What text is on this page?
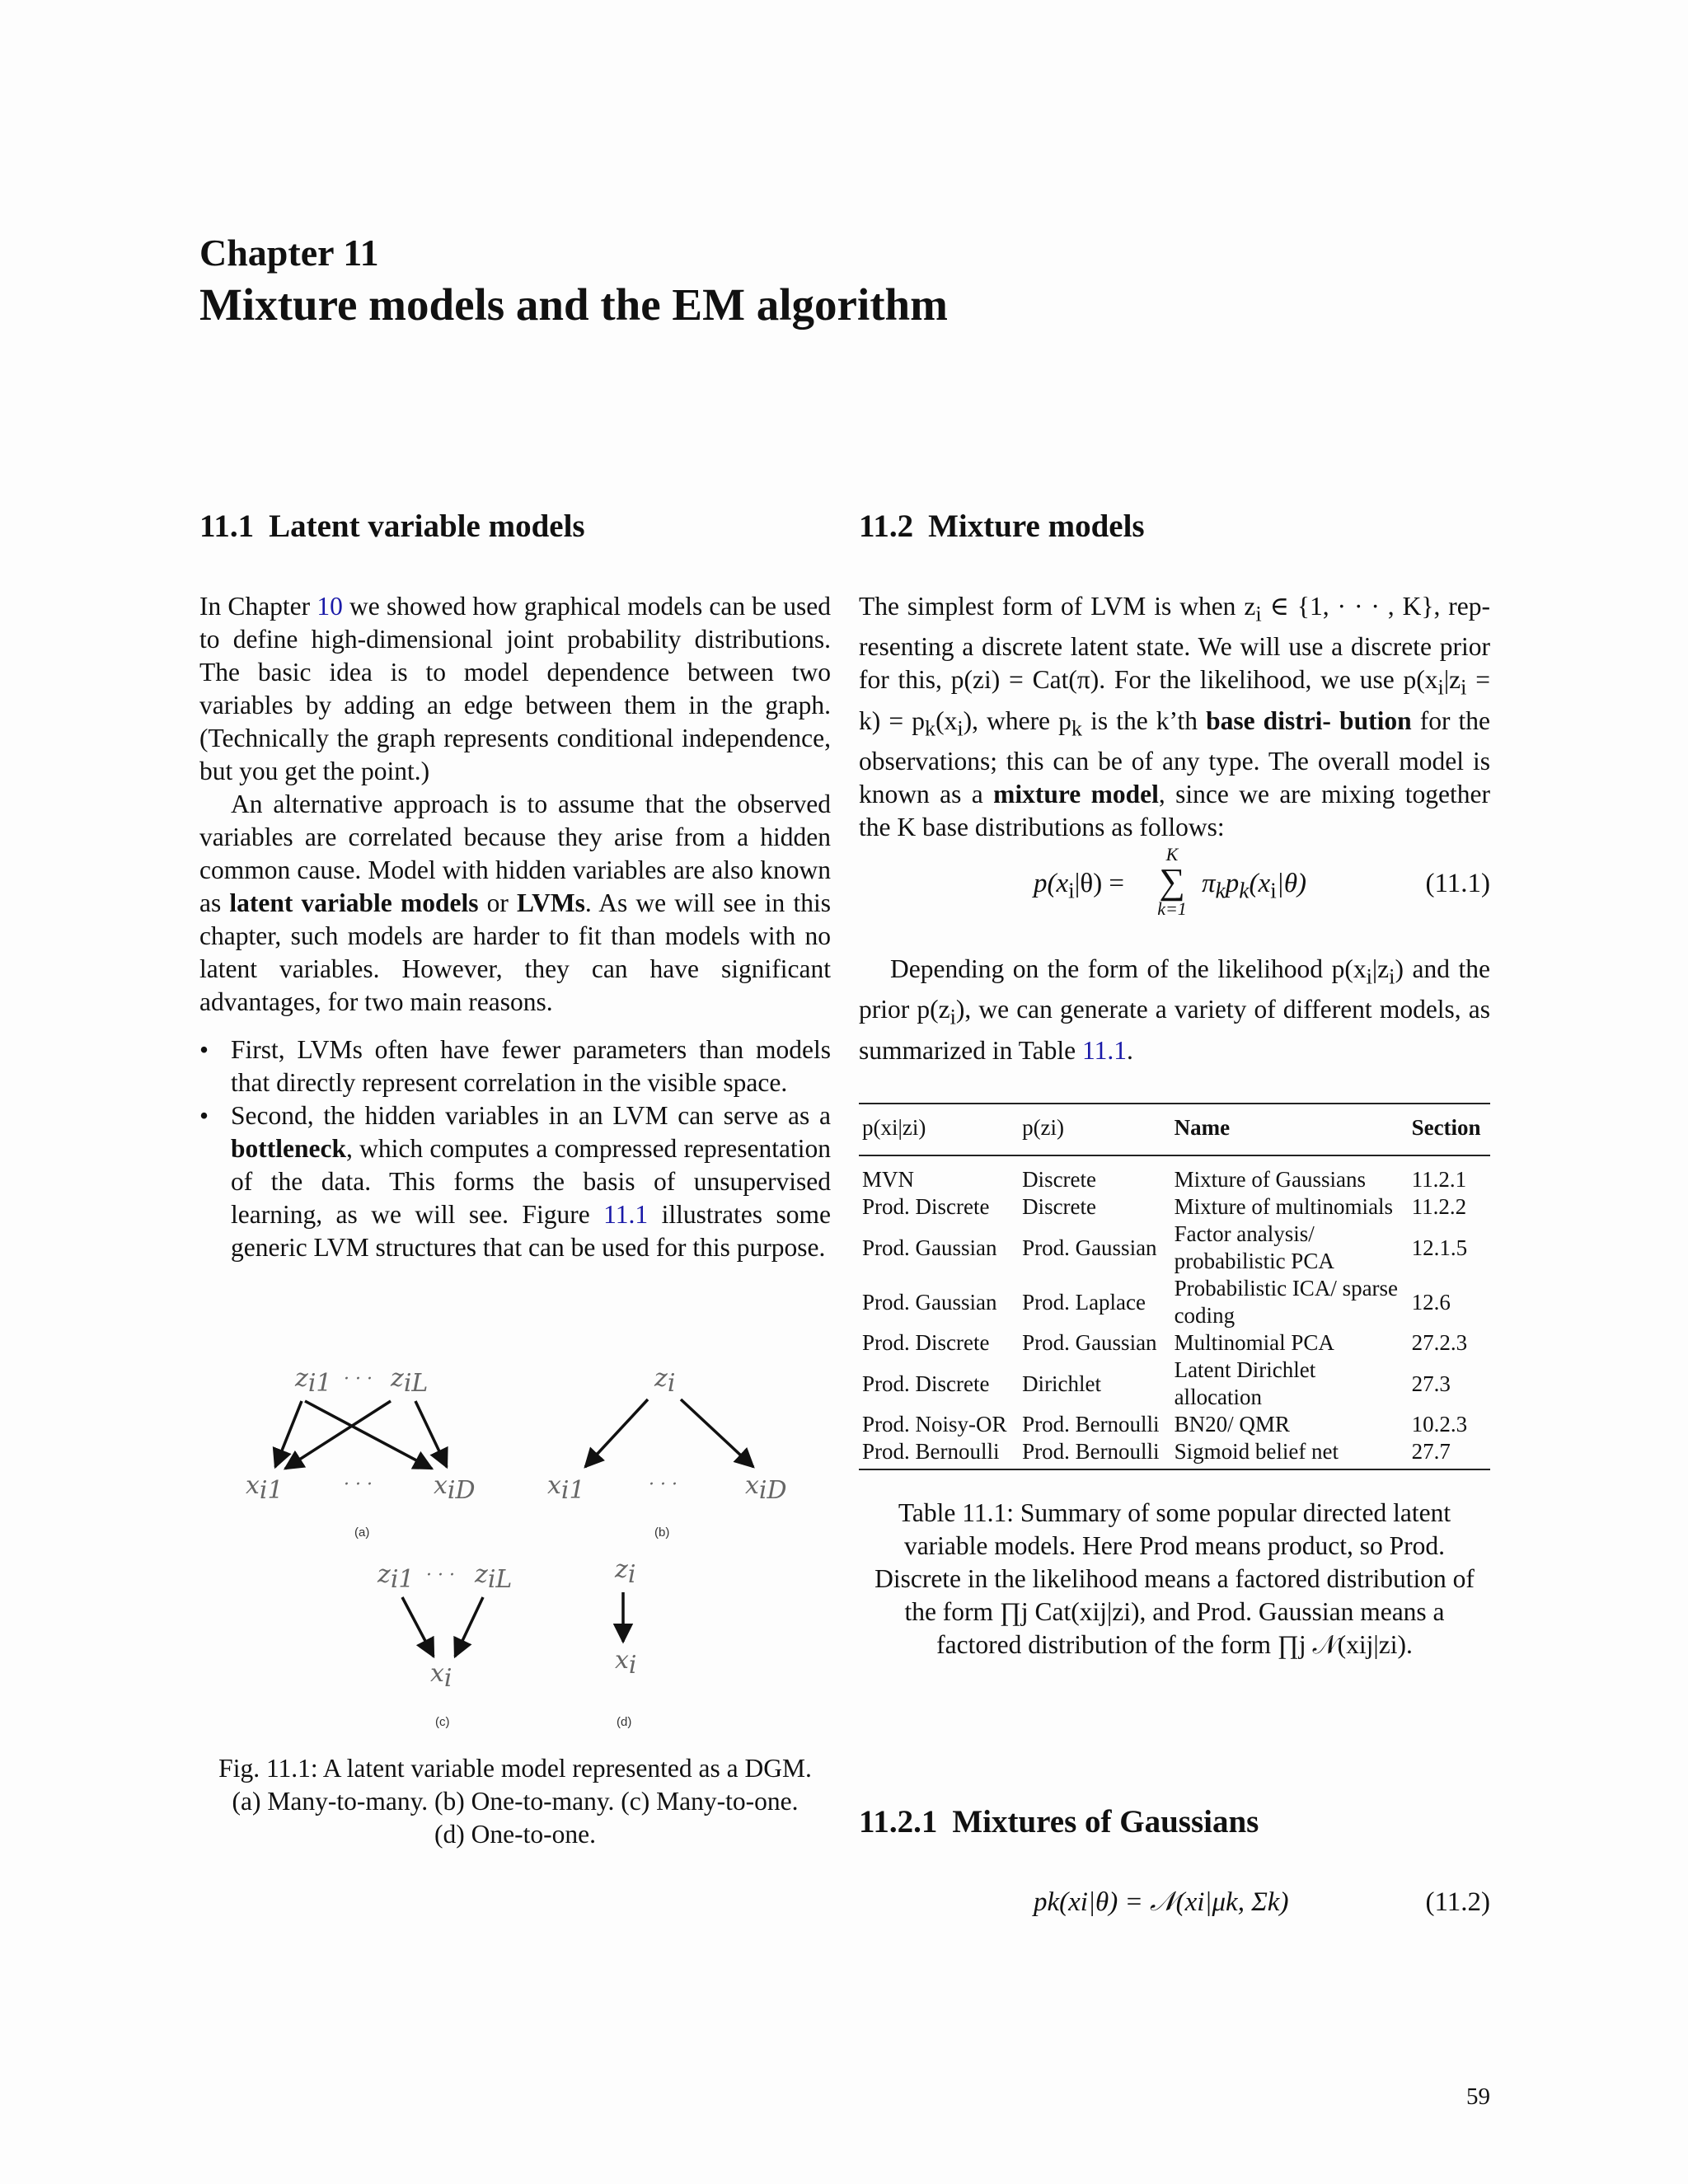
Chapter 11
Mixture models and the EM algorithm
11.1 Latent variable models

In Chapter 10 we showed how graphical models can be used to define high-dimensional joint probability distributions. The basic idea is to model dependence between two variables by adding an edge between them in the graph. (Technically the graph represents conditional independence, but you get the point.)

An alternative approach is to assume that the observed variables are correlated because they arise from a hidden common cause. Model with hidden variables are also known as latent variable models or LVMs. As we will see in this chapter, such models are harder to fit than models with no latent variables. However, they can have significant advantages, for two main reasons.

• First, LVMs often have fewer parameters than models that directly represent correlation in the visible space.
• Second, the hidden variables in an LVM can serve as a bottleneck, which computes a compressed representation of the data. This forms the basis of unsupervised learning, as we will see. Figure 11.1 illustrates some generic LVM structures that can be used for this purpose.
zi1 · · · ziL
xi1	· · · xiD
(a)
zi
xi1	· · ·	xiD
(b)
zi1 · · · ziL
xi
(c)
zi
xi
(d)
Fig. 11.1: A latent variable model represented as a DGM.
(a) Many-to-many. (b) One-to-many. (c) Many-to-one.
(d) One-to-one.
11.2 Mixture models

The simplest form of LVM is when $z_i$ ∈ {1, · · · , K}, rep- resenting a discrete latent state. We will use a discrete prior for this, p(zi) = Cat(π). For the likelihood, we use $p(x_i|z_i = k) = p_k(x_i)$, where $p_k$ is the k’th base distri- bution for the observations; this can be of any type. The overall model is known as a mixture model, since we are mixing together the K base distributions as follows:

$p(x_i|\theta)$ =
K
∑
k=1
$\pi_kp_k(x_i|\theta)$	(11.1)

Depending on the form of the likelihood $p(x_i|z_i)$ and the prior $p(z_i)$, we can generate a variety of different models, as summarized in Table 11.1.

p(xi|zi)	p(zi)	Name	Section
MVN	Discrete	Mixture of Gaussians	11.2.1
Prod. Discrete	Discrete	Mixture of multinomials	11.2.2
Prod. Gaussian	Prod. Gaussian	Factor analysis/ probabilistic PCA	12.1.5
Prod. Gaussian	Prod. Laplace	Probabilistic ICA/ sparse coding	12.6
Prod. Discrete	Prod. Gaussian	Multinomial PCA	27.2.3
Prod. Discrete	Dirichlet	Latent Dirichlet allocation	27.3
Prod. Noisy-OR	Prod. Bernoulli	BN20/ QMR	10.2.3
Prod. Bernoulli	Prod. Bernoulli	Sigmoid belief net	27.7
Table 11.1: Summary of some popular directed latent
variable models. Here Prod means product, so Prod.
Discrete in the likelihood means a factored distribution of
the form ∏j Cat(xij|zi), and Prod. Gaussian means a
factored distribution of the form ∏j 𝒩(xij|zi).
11.2.1 Mixtures of Gaussians
pk(xi|θ) = 𝒩(xi|μk, Σk)	(11.2)
59
